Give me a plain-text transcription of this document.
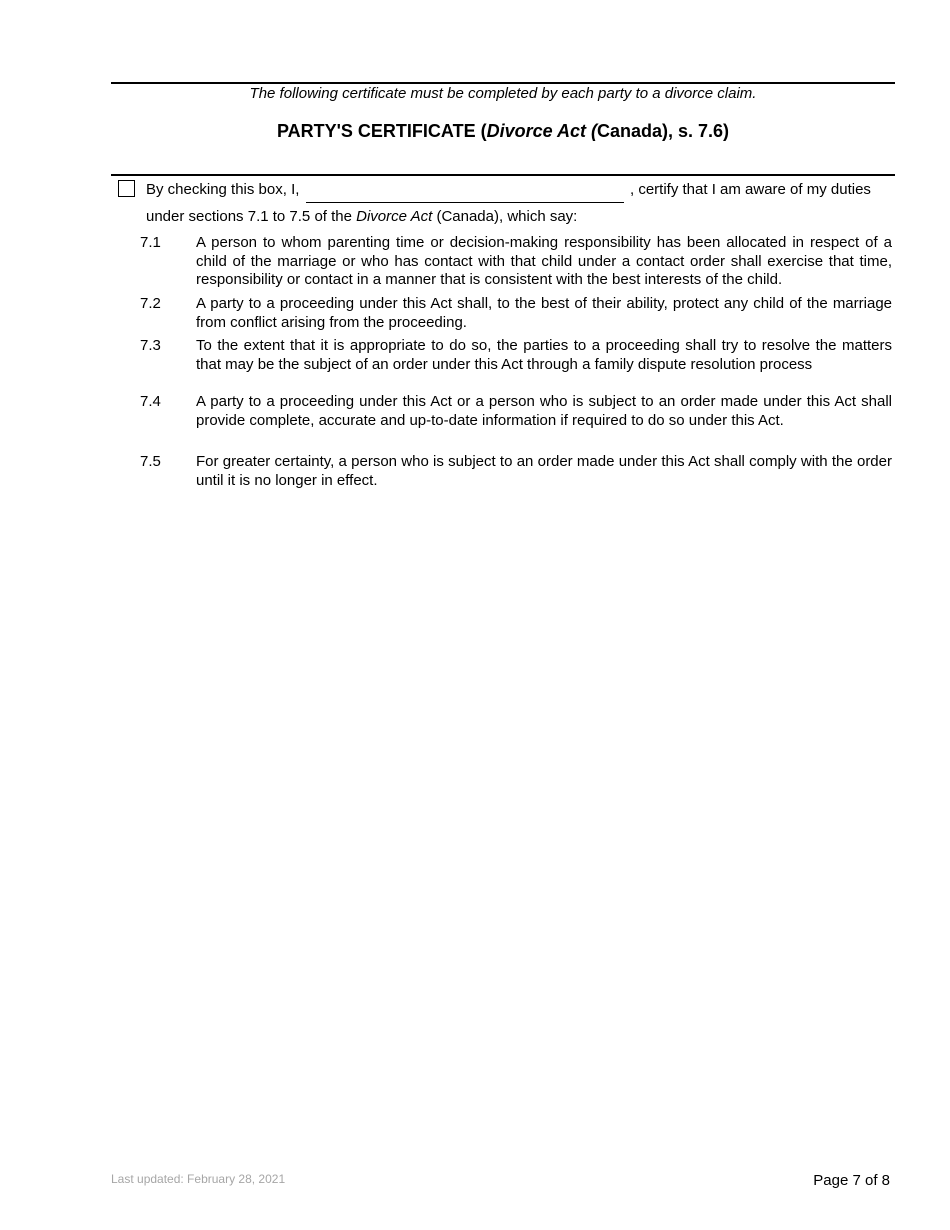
The following certificate must be completed by each party to a divorce claim.
PARTY'S CERTIFICATE (Divorce Act (Canada), s. 7.6)
By checking this box, I,	, certify that I am aware of my duties
under sections 7.1 to 7.5 of the Divorce Act (Canada), which say:
7.1	A person to whom parenting time or decision-making responsibility has been allocated in respect of a child of the marriage or who has contact with that child under a contact order shall exercise that time, responsibility or contact in a manner that is consistent with the best interests of the child.
7.2	A party to a proceeding under this Act shall, to the best of their ability, protect any child of the marriage from conflict arising from the proceeding.
7.3	To the extent that it is appropriate to do so, the parties to a proceeding shall try to resolve the matters that may be the subject of an order under this Act through a family dispute resolution process
7.4	A party to a proceeding under this Act or a person who is subject to an order made under this Act shall provide complete, accurate and up-to-date information if required to do so under this Act.
7.5	For greater certainty, a person who is subject to an order made under this Act shall comply with the order until it is no longer in effect.
Last updated: February 28, 2021	Page 7 of 8
